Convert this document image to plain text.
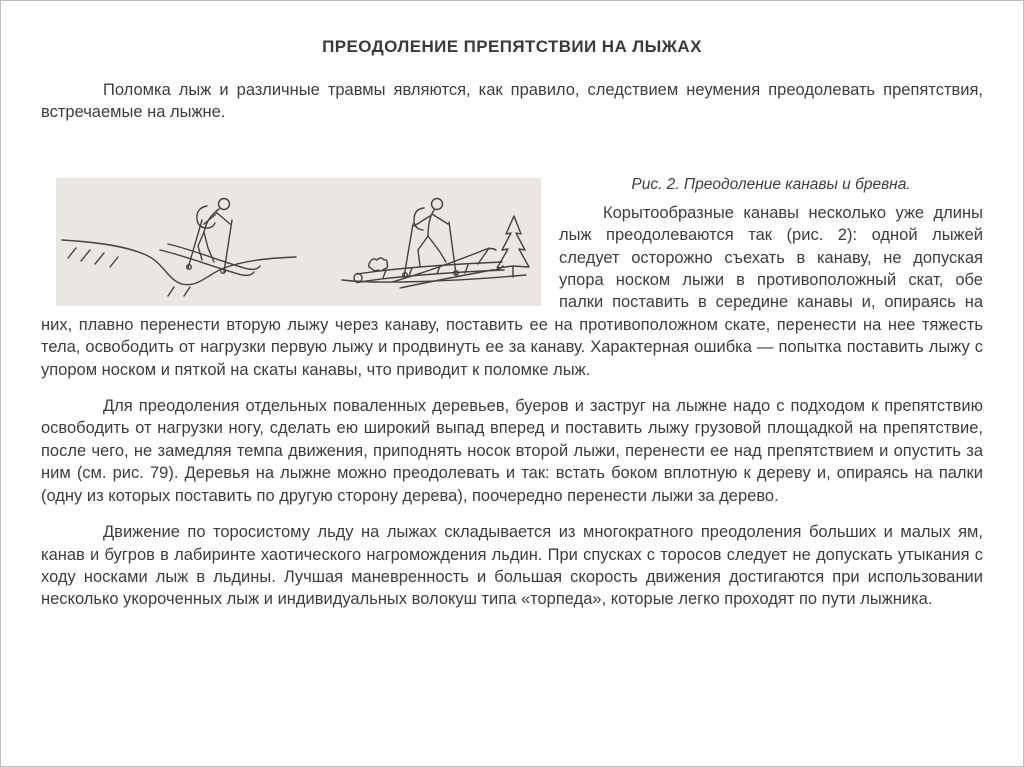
ПРЕОДОЛЕНИЕ ПРЕПЯТСТВИИ НА ЛЫЖАХ

Поломка лыж и различные травмы являются, как правило, следствием неумения преодолевать препятствия, встречаемые на лыжне.

Рис. 2. Преодоление канавы и бревна.

Корытообразные канавы несколько уже длины лыж преодолеваются так (рис. 2): одной лыжей следует осторожно съехать в канаву, не допуская упора носком лыжи в противоположный скат, обе палки поставить в середине канавы и, опираясь на них, плавно перенести вторую лыжу через канаву, поставить ее на противоположном скате, перенести на нее тяжесть тела, освободить от нагрузки первую лыжу и продвинуть ее за канаву. Характерная ошибка — попытка поставить лыжу с упором носком и пяткой на скаты канавы, что приводит к поломке лыж.

Для преодоления отдельных поваленных деревьев, буеров и заструг на лыжне надо с подходом к препятствию освободить от нагрузки ногу, сделать ею широкий выпад вперед и поставить лыжу грузовой площадкой на препятствие, после чего, не замедляя темпа движения, приподнять носок второй лыжи, перенести ее над препятствием и опустить за ним (см. рис. 79). Деревья на лыжне можно преодолевать и так: встать боком вплотную к дереву и, опираясь на палки (одну из которых поставить по другую сторону дерева), поочередно перенести лыжи за дерево.

Движение по торосистому льду на лыжах складывается из многократного преодоления больших и малых ям, канав и бугров в лабиринте хаотического нагромождения льдин. При спусках с торосов следует не допускать утыкания с ходу носками лыж в льдины. Лучшая маневренность и большая скорость движения достигаются при использовании несколько укороченных лыж и индивидуальных волокуш типа «торпеда», которые легко проходят по пути лыжника.
